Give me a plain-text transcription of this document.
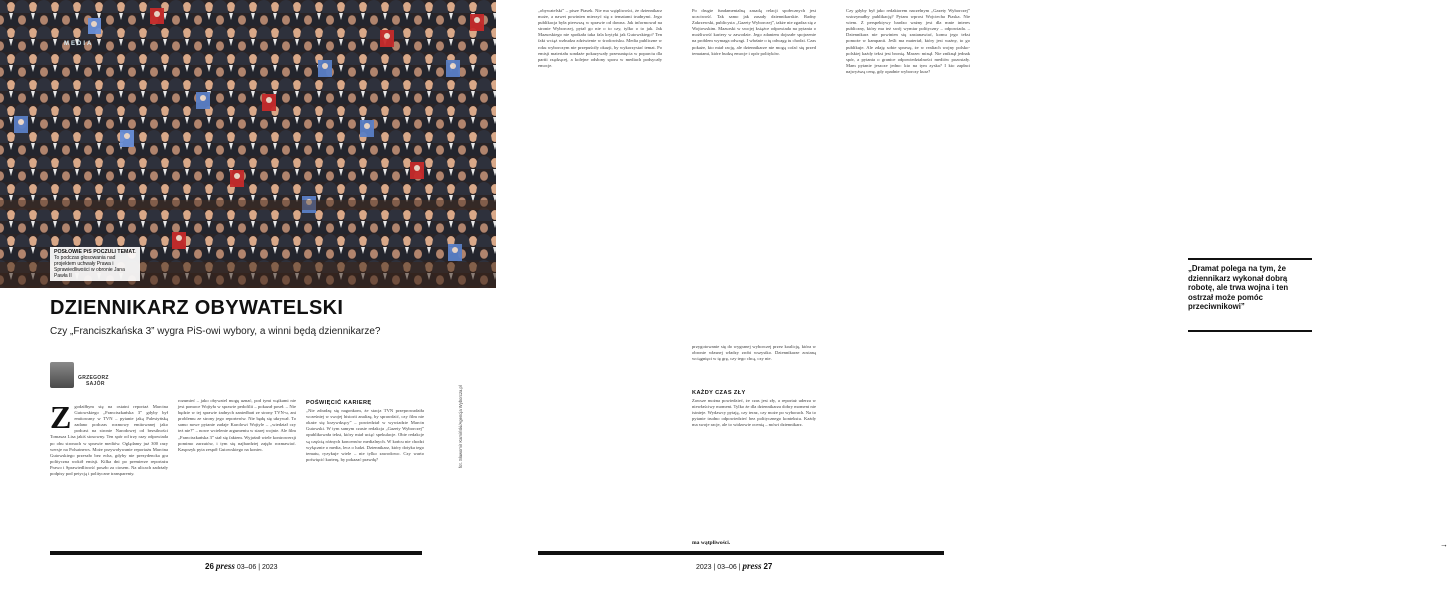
MEDIA
POSŁOWIE PiS POCZULI TEMAT.
To podczas głosowania nad projektem uchwały Prawa i Sprawiedliwości w obronie Jana Pawła II
DZIENNIKARZ OBYWATELSKI

Czy „Franciszkańska 3” wygra PiS-owi wybory, a winni będą dziennikarze?

GRZEGORZ
SAJÓR
Z godziłbym się na ostatni reportaż Marcina Gutowskiego „Franciszkańska 3” gdyby był emitowany w TVN – pytanie jaką Palestyńską zadano podczas rozmowy emitowanej jako podcast na stronie Narodowej od bezsilności Tomasza Lisa jakiś stosowny. Ten spór od trzy razy odpowiada po obu stronach w sprawie mediów. Oglądamy już 300 razy wersje na Polsatnews. Może przywoływanie reportażu Marcina Gutowskiego przeszło bez echa, gdyby nie prezydencka gra polityczna wokół emisji. Kilka dni po premierze reportażu Prawo i Sprawiedliwość poszło za ciosem. Na ulicach zadrżały podpisy pod petycją i polityczne transparenty.
rozumieć – jako obywatel mogę uznać, pod tymi wątkami nie jest pomoce Wojtyła w sprawie pedofilii – pokazał poseł. – Nie będzie w tej sprawie żadnych zaniedbań ze strony TVN-u, ani problemu ze strony jego reporterów. Nie będę się ukrywał. To samo nowe pytanie zadaje Karolowi Wojtyle – „wiedział czy też nie?” – nowe wcielenie argumentu w starej wojnie. Ale film „Franciszkańska 3” stał się faktem. Wyjaśnił wiele kontrowersji pomimo zarzutów, i tym się najbardziej zajęło rozmawiać. Kasprzyk pyta zespół Gutowskiego na koniec.
POŚWIĘCIĆ KARIERĘ
„Nie zdradzę się nagonkom, że stacja TVN przeprowadziła wcześniej w swojej historii analizę, by sprawdzić, czy film nie okaże się krzywdzący” – powiedział w wywiadzie Marcin Gutowski. W tym samym czasie redakcja „Gazety Wyborczej” opublikowała tekst, który miał uciąć spekulacje. Obie redakcje są częścią różnych koncernów medialnych. W końcu nie chodzi wyłącznie o media, lecz o ludzi. Dziennikarz, który dotyka tego tematu, ryzykuje wiele – nie tylko zawodowo. Czy warto poświęcić karierę, by pokazać prawdę?	fot. Sławomir Kamiński/Agencja Wyborcza.pl
26 press 03–06 | 2023
„obywatelski” – pisze Piasek. Nie ma wątpliwości, że dziennikarz może, a nawet powinien mierzyć się z tematami trudnymi. Jego publikacja była pierwszą w sprawie od dawna. Jak informował na stronie Wyborczej, pytał go nie o to czy, tylko o to jak. Jak Mazurskiego nie spotkała taka fala krytyki jak Gutowskiego? Ten fakt wciąż wzbudza zdziwienie w środowisku. Media publiczne w roku wyborczym nie przepuściły okazji, by wykorzystać temat. Po emisji materiału sondaże pokazywały przesunięcia w poparciu dla partii rządzącej, a kolejne odsłony sporu w mediach podsycały emocje.
Po drugie fundamentalną zasadą relacji społecznych jest uczciwość. Tak samo jak zasady dziennikarskie. Radny Zakrzewski, publicysta „Gazety Wyborczej”, także nie zgadza się z Wojtowskim. Mazurski w swojej książce odpowiada na pytania o możliwość kariery w zawodzie. Jego zdaniem dojrzałe spojrzenie na problem wymaga odwagi. I właśnie o tę odwagę tu chodzi. Czas pokaże, kto miał rację, ale dziennikarze nie mogą cofać się przed tematami, które budzą emocje i opór polityków.

„Dramat polega na tym, że dziennikarz wykonał dobrą robotę, ale trwa wojna i ten ostrzał może pomóc przeciwnikowi”

przygotowanie się do wygranej wyborczej przez koalicję, która w obronie własnej władzy zrobi wszystko. Dziennikarze zostaną wciągnięci w tę grę, czy tego chcą, czy nie.
KAŻDY CZAS ZŁY
Zawsze można powiedzieć, że czas jest zły, a reportaż uderza w niewłaściwy moment. Tylko że dla dziennikarza dobry moment nie istnieje. Wydawcy pytają, czy teraz, czy może po wyborach. Na to pytanie trudno odpowiedzieć bez politycznego kontekstu. Każdy ma swoje racje, ale to widzowie ocenią – mówi dziennikarz.
ma wątpliwości.
Czy gdyby był jako redaktorem naczelnym „Gazety Wyborczej” wstrzymałby publikację? Pytam wprost Wojciecha Piaska. Nie wiem. Z perspektywy bardzo ważny jest dla mnie interes publiczny, który ma też swój wymiar polityczny – odpowiada. – Dziennikarz nie powinien się zastanawiać, komu jego tekst pomoże w kampanii. Jeśli ma materiał, który jest ważny, to go publikuje. Ale zdaję sobie sprawę, że w realiach wojny polsko-polskiej każdy tekst jest bronią. Marzec minął. Nie zniknął jednak spór, a pytania o granice odpowiedzialności mediów pozostały. Mam pytanie jeszcze jedno: kto na tym zyska? I kto zapłaci najwyższą cenę, gdy opadnie wyborczy kurz?
→
2023 | 03–06 | press 27
